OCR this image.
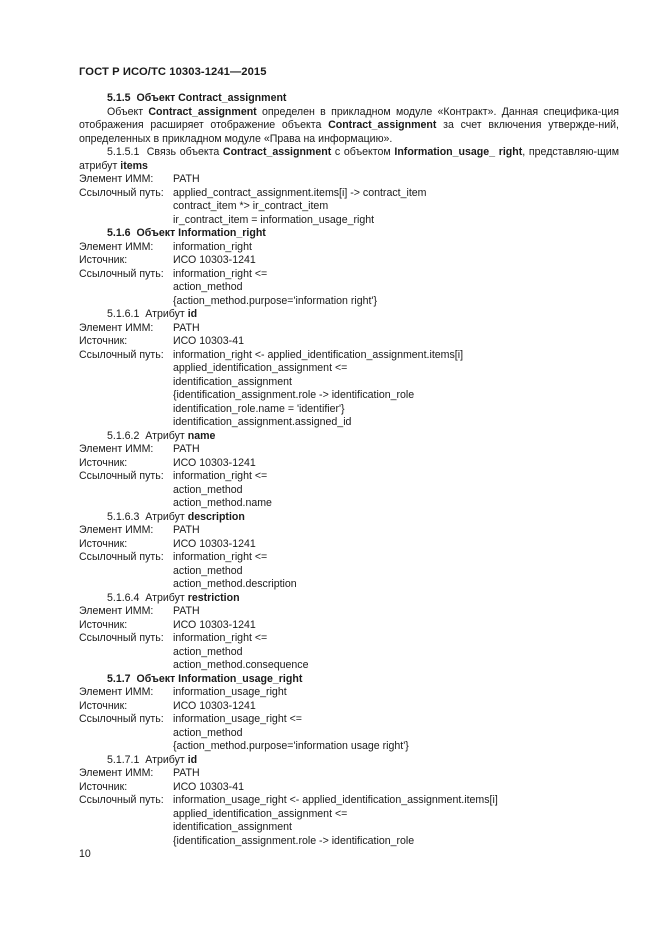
ГОСТ Р ИСО/ТС 10303-1241—2015
5.1.5 Объект Contract_assignment
Объект Contract_assignment определен в прикладном модуле «Контракт». Данная специфика-ция отображения расширяет отображение объекта Contract_assignment за счет включения утвержде-ний, определенных в прикладном модуле «Права на информацию».
5.1.5.1 Связь объекта Contract_assignment с объектом Information_usage_ right, представляю-щим атрибут items
Элемент ИММ: PATH
Ссылочный путь: applied_contract_assignment.items[i] -> contract_item
contract_item *> ir_contract_item
ir_contract_item = information_usage_right
5.1.6 Объект Information_right
Элемент ИММ: information_right
Источник:	ИСО 10303-1241
Ссылочный путь: information_right <=
action_method
{action_method.purpose='information right'}
5.1.6.1 Атрибут id
Элемент ИММ: PATH
Источник:	ИСО 10303-41
Ссылочный путь: information_right <- applied_identification_assignment.items[i]
applied_identification_assignment <=
identification_assignment
{identification_assignment.role -> identification_role
identification_role.name = 'identifier'}
identification_assignment.assigned_id
5.1.6.2 Атрибут name
Элемент ИММ: PATH
Источник:	ИСО 10303-1241
Ссылочный путь: information_right <=
action_method
action_method.name
5.1.6.3 Атрибут description
Элемент ИММ: PATH
Источник:	ИСО 10303-1241
Ссылочный путь: information_right <=
action_method
action_method.description
5.1.6.4 Атрибут restriction
Элемент ИММ: PATH
Источник:	ИСО 10303-1241
Ссылочный путь: information_right <=
action_method
action_method.consequence
5.1.7 Объект Information_usage_right
Элемент ИММ: information_usage_right
Источник:	ИСО 10303-1241
Ссылочный путь: information_usage_right <=
action_method
{action_method.purpose='information usage right'}
5.1.7.1 Атрибут id
Элемент ИММ: PATH
Источник:	ИСО 10303-41
Ссылочный путь: information_usage_right <- applied_identification_assignment.items[i]
applied_identification_assignment <=
identification_assignment
{identification_assignment.role -> identification_role
10
